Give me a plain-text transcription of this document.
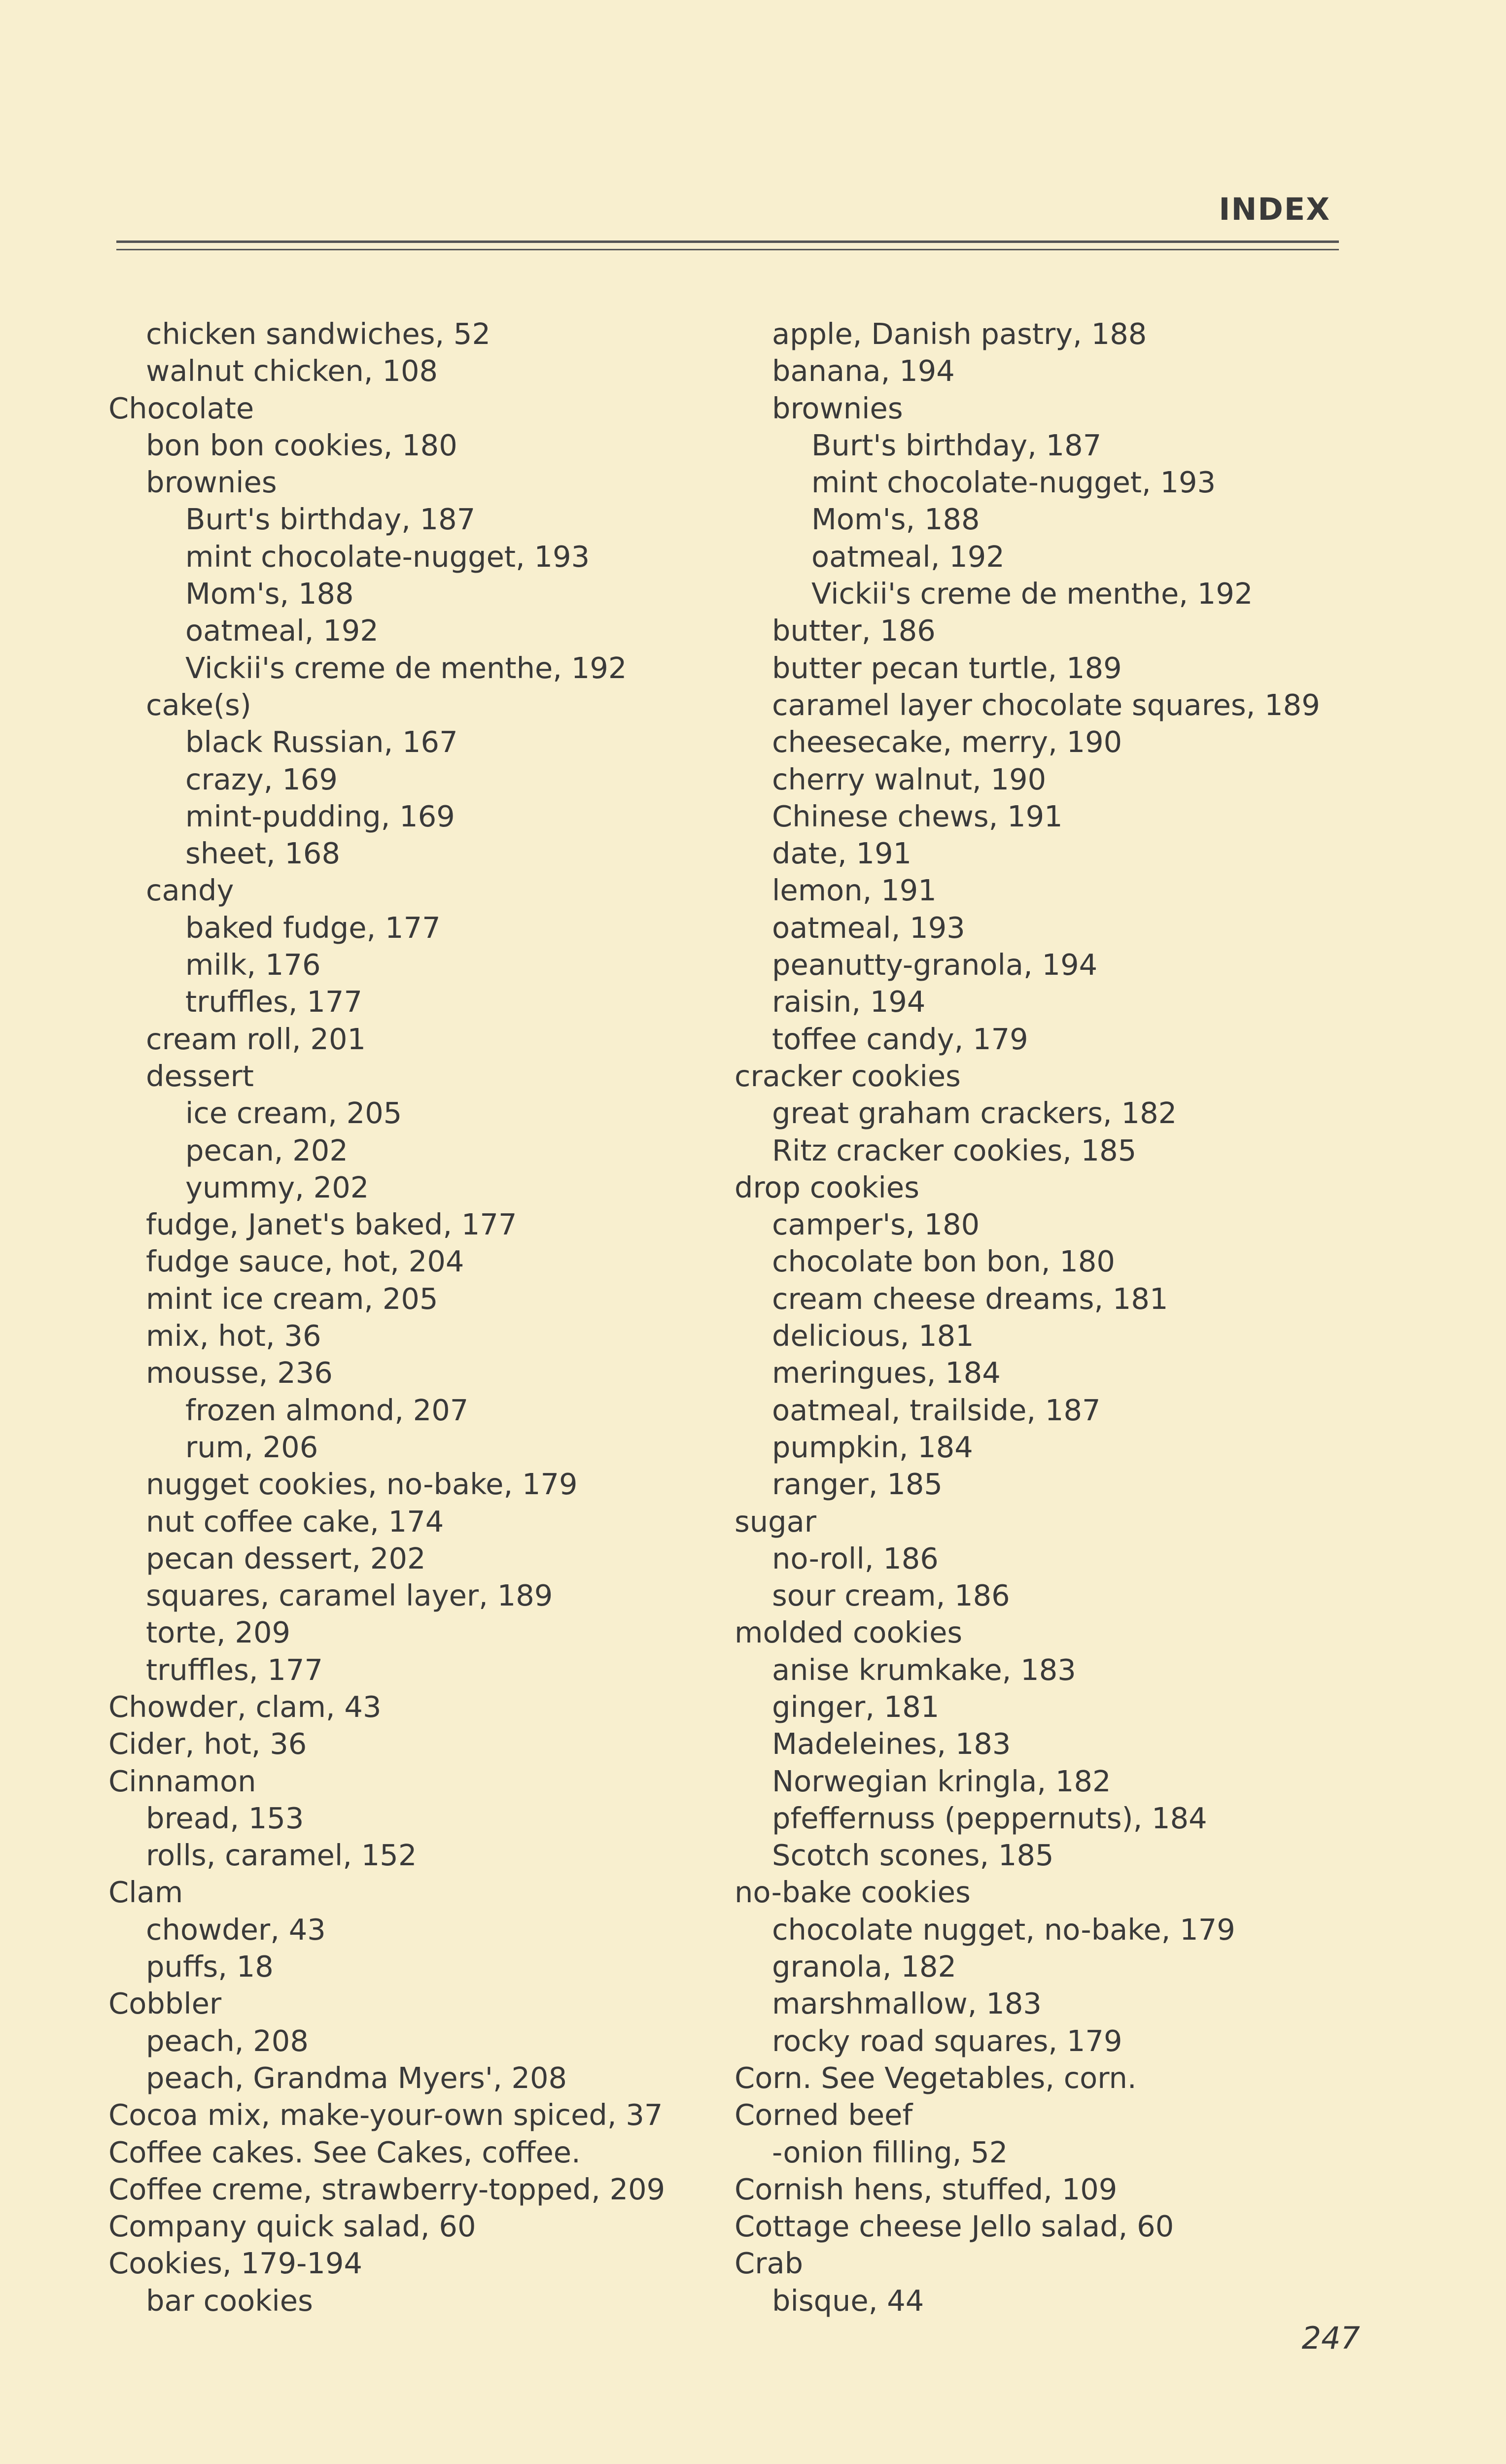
INDEX
chicken sandwiches, 52
walnut chicken, 108
Chocolate
bon bon cookies, 180
brownies
Burt's birthday, 187
mint chocolate-nugget, 193
Mom's, 188
oatmeal, 192
Vickii's creme de menthe, 192
cake(s)
black Russian, 167
crazy, 169
mint-pudding, 169
sheet, 168
candy
baked fudge, 177
milk, 176
truffles, 177
cream roll, 201
dessert
ice cream, 205
pecan, 202
yummy, 202
fudge, Janet's baked, 177
fudge sauce, hot, 204
mint ice cream, 205
mix, hot, 36
mousse, 236
frozen almond, 207
rum, 206
nugget cookies, no-bake, 179
nut coffee cake, 174
pecan dessert, 202
squares, caramel layer, 189
torte, 209
truffles, 177
Chowder, clam, 43
Cider, hot, 36
Cinnamon
bread, 153
rolls, caramel, 152
Clam
chowder, 43
puffs, 18
Cobbler
peach, 208
peach, Grandma Myers', 208
Cocoa mix, make-your-own spiced, 37
Coffee cakes. See Cakes, coffee.
Coffee creme, strawberry-topped, 209
Company quick salad, 60
Cookies, 179-194
bar cookies
apple, Danish pastry, 188
banana, 194
brownies
Burt's birthday, 187
mint chocolate-nugget, 193
Mom's, 188
oatmeal, 192
Vickii's creme de menthe, 192
butter, 186
butter pecan turtle, 189
caramel layer chocolate squares, 189
cheesecake, merry, 190
cherry walnut, 190
Chinese chews, 191
date, 191
lemon, 191
oatmeal, 193
peanutty-granola, 194
raisin, 194
toffee candy, 179
cracker cookies
great graham crackers, 182
Ritz cracker cookies, 185
drop cookies
camper's, 180
chocolate bon bon, 180
cream cheese dreams, 181
delicious, 181
meringues, 184
oatmeal, trailside, 187
pumpkin, 184
ranger, 185
sugar
no-roll, 186
sour cream, 186
molded cookies
anise krumkake, 183
ginger, 181
Madeleines, 183
Norwegian kringla, 182
pfeffernuss (peppernuts), 184
Scotch scones, 185
no-bake cookies
chocolate nugget, no-bake, 179
granola, 182
marshmallow, 183
rocky road squares, 179
Corn. See Vegetables, corn.
Corned beef
-onion filling, 52
Cornish hens, stuffed, 109
Cottage cheese Jello salad, 60
Crab
bisque, 44
247
